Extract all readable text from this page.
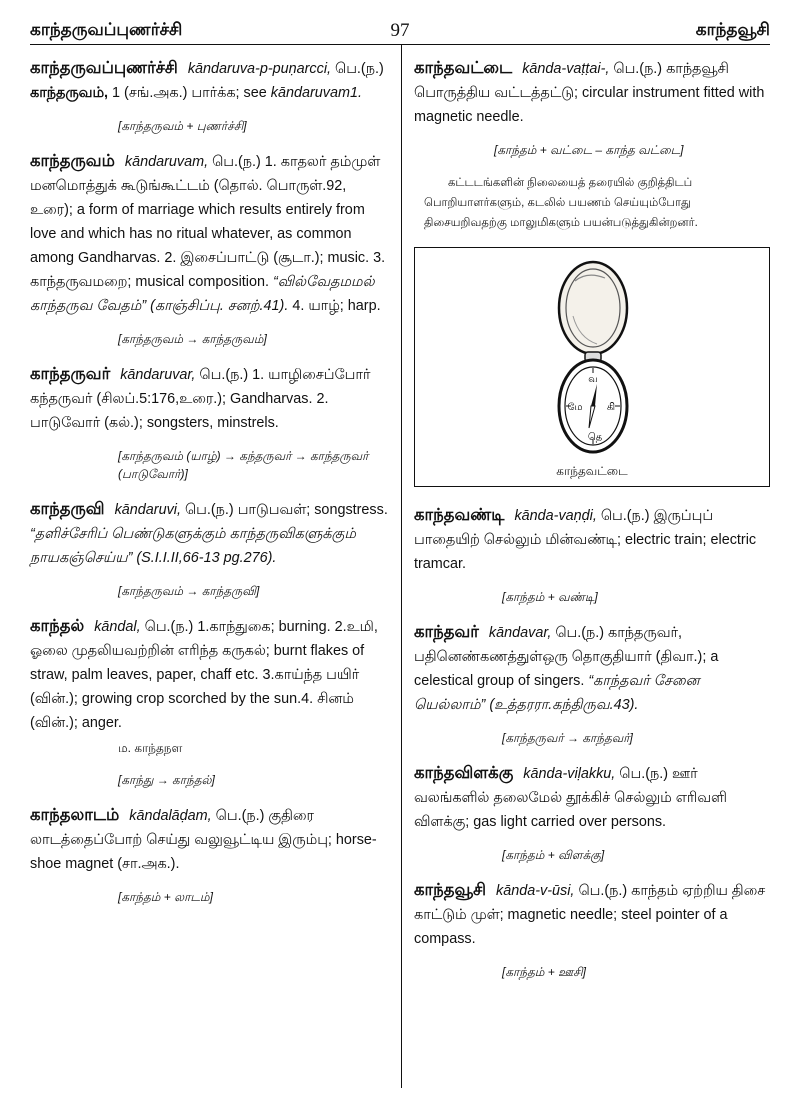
காந்தருவப்புணர்ச்சி	97	காந்தவூசி
காந்தருவப்புணர்ச்சி kāndaruva-p-puṇarcci, பெ.(ந.) காந்தருவம், 1 (சங்.அக.) பார்க்க; see kāndaruvam1.
[காந்தருவம் + புணர்ச்சி]
காந்தருவம் kāndaruvam, பெ.(ந.) 1. காதலர் தம்முள் மனமொத்துக் கூடுங்கூட்டம் (தொல். பொருள்.92, உரை); a form of marriage which results entirely from love and which has no ritual whatever, as common among Gandharvas. 2. இசைப்பாட்டு (சூடா.); music. 3. காந்தருவமறை; musical composition. “வில்வேதமமல் காந்தருவ வேதம்” (காஞ்சிப்பு. சனற்.41). 4. யாழ்; harp.
[காந்தருவம் → காந்தருவம்]
காந்தருவர் kāndaruvar, பெ.(ந.) 1. யாழிசைப்போர் கந்தருவர் (சிலப்.5:176,உரை.); Gandharvas. 2. பாடுவோர் (கல்.); songsters, minstrels.
[காந்தருவம் (யாழ்) → கந்தருவர் → காந்தருவர் (பாடுவோர்)]
காந்தருவி kāndaruvi, பெ.(ந.) பாடுபவள்; songstress. “தளிச்சேரிப் பெண்டுகளுக்கும் காந்தருவிகளுக்கும் நாயகஞ்செய்ய” (S.I.I.II,66-13 pg.276).
[காந்தருவம் → காந்தருவி]
காந்தல் kāndal, பெ.(ந.) 1.காந்துகை; burning. 2.உமி, ஓலை முதலியவற்றின் எரிந்த கருகல்; burnt flakes of straw, palm leaves, paper, chaff etc. 3.காய்ந்த பயிர் (வின்.); growing crop scorched by the sun.4. சினம் (வின்.); anger.
ம. காந்தநள
[காந்து → காந்தல்]
காந்தலாடம் kāndalāḍam, பெ.(ந.) குதிரை லாடத்தைப்போற் செய்து வலுவூட்டிய இரும்பு; horse-shoe magnet (சா.அக.).
[காந்தம் + லாடம்]
காந்தவட்டை kānda-vaṭṭai-, பெ.(ந.) காந்தவூசி பொருத்திய வட்டத்தட்டு; circular instrument fitted with magnetic needle.
[காந்தம் + வட்டை – காந்த வட்டை]
கட்டடங்களின் நிலையைத் தரையில் குறித்திடப் பொறியாளர்களும், கடலில் பயணம் செய்யும்போது திசையறிவதற்கு மாலுமிகளும் பயன்படுத்துகின்றனர்.
வ
மே கி
தெ
காந்தவட்டை
காந்தவண்டி kānda-vaṇḍi, பெ.(ந.) இருப்புப் பாதையிற் செல்லும் மின்வண்டி; electric train; electric tramcar.
[காந்தம் + வண்டி]
காந்தவர் kāndavar, பெ.(ந.) காந்தருவர், பதினெண்கணத்துள்ஒரு தொகுதியார் (திவா.); a celestical group of singers. “காந்தவர் சேனை யெல்லாம்” (உத்தரரா.கந்திருவ.43).
[காந்தருவர் → காந்தவர்]
காந்தவிளக்கு kānda-viḷakku, பெ.(ந.) ஊர் வலங்களில் தலைமேல் தூக்கிச் செல்லும் எரிவளி விளக்கு; gas light carried over persons.
[காந்தம் + விளக்கு]
காந்தவூசி kānda-v-ūsi, பெ.(ந.) காந்தம் ஏற்றிய திசை காட்டும் முள்; magnetic needle; steel pointer of a compass.
[காந்தம் + ஊசி]
